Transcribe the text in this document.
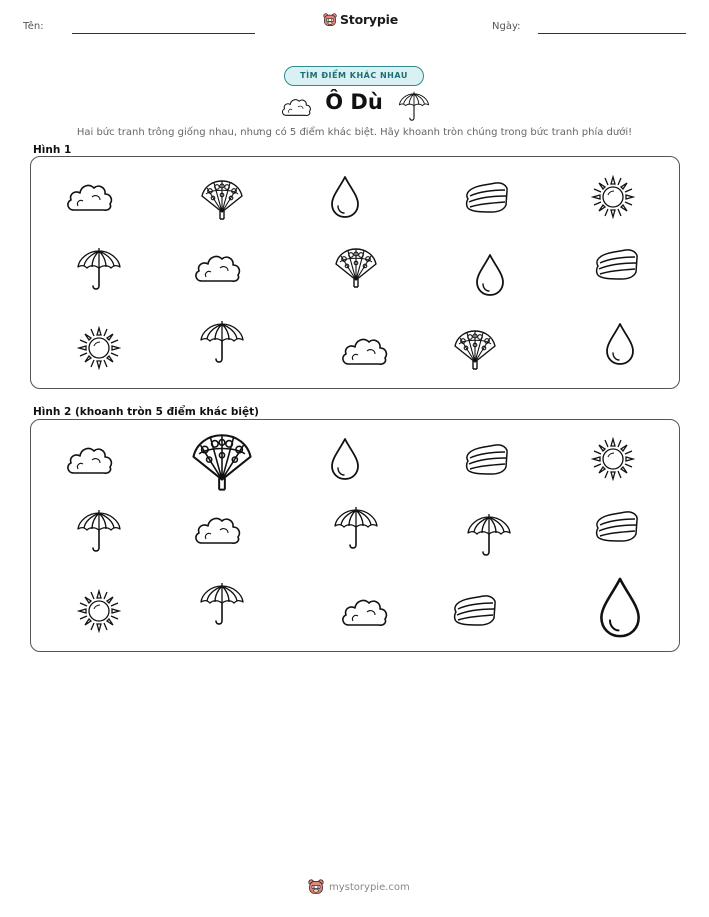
Tên:	Storypie	Ngày:
TÌM ĐIỂM KHÁC NHAU
Ô Dù
Hai bức tranh trông giống nhau, nhưng có 5 điểm khác biệt. Hãy khoanh tròn chúng trong bức tranh phía dưới!
Hình 1
Hình 2 (khoanh tròn 5 điểm khác biệt)
mystorypie.com
